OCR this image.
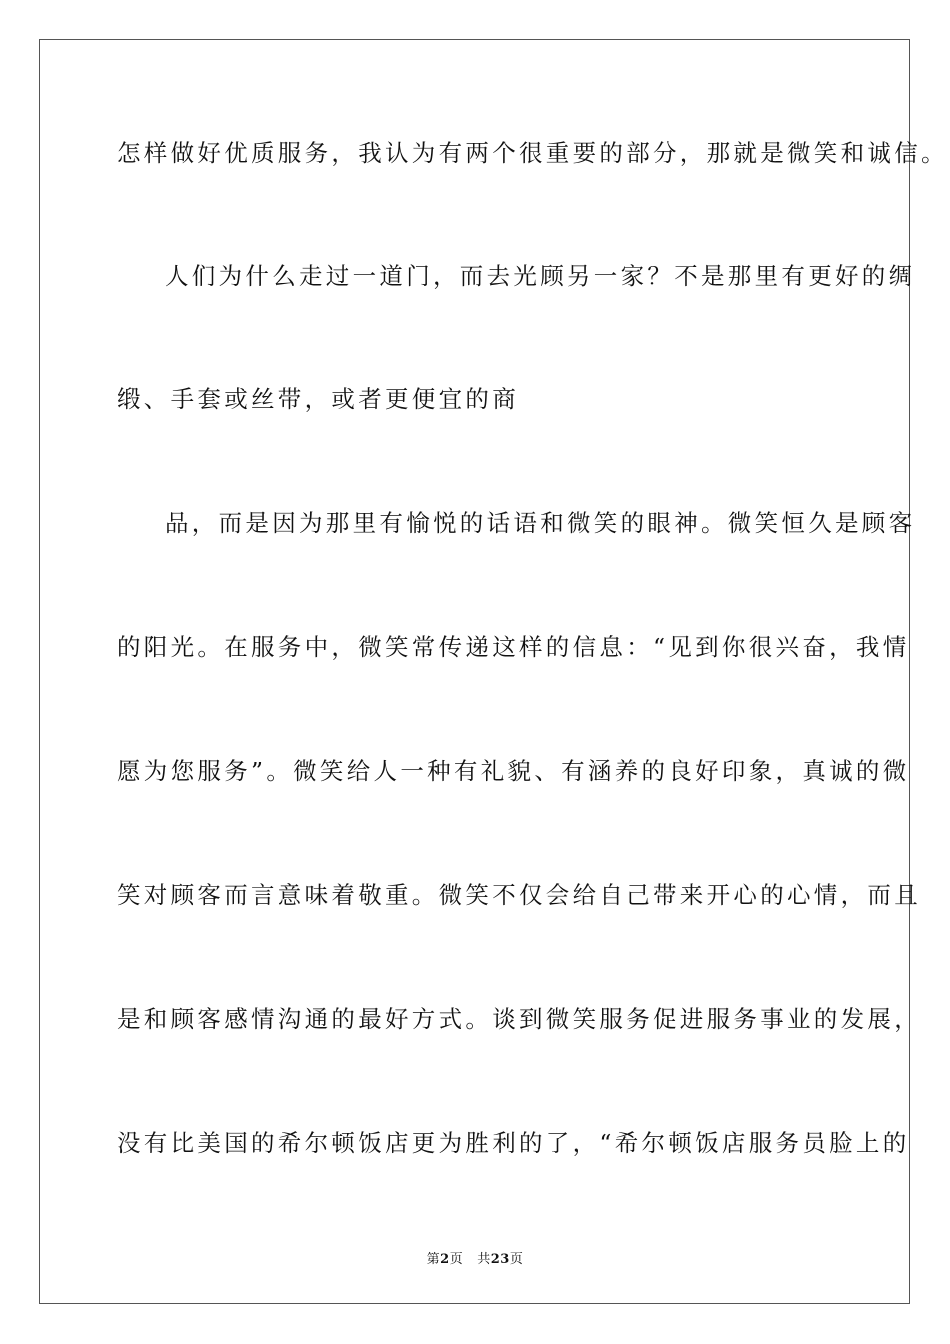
怎样做好优质服务，我认为有两个很重要的部分，那就是微笑和诚信。
人们为什么走过一道门，而去光顾另一家？不是那里有更好的绸
缎、手套或丝带，或者更便宜的商
品，而是因为那里有愉悦的话语和微笑的眼神。微笑恒久是顾客
的阳光。在服务中，微笑常传递这样的信息：“见到你很兴奋，我情
愿为您服务”。微笑给人一种有礼貌、有涵养的良好印象，真诚的微
笑对顾客而言意味着敬重。微笑不仅会给自己带来开心的心情，而且
是和顾客感情沟通的最好方式。谈到微笑服务促进服务事业的发展，
没有比美国的希尔顿饭店更为胜利的了，“希尔顿饭店服务员脸上的
第2页 共23页
